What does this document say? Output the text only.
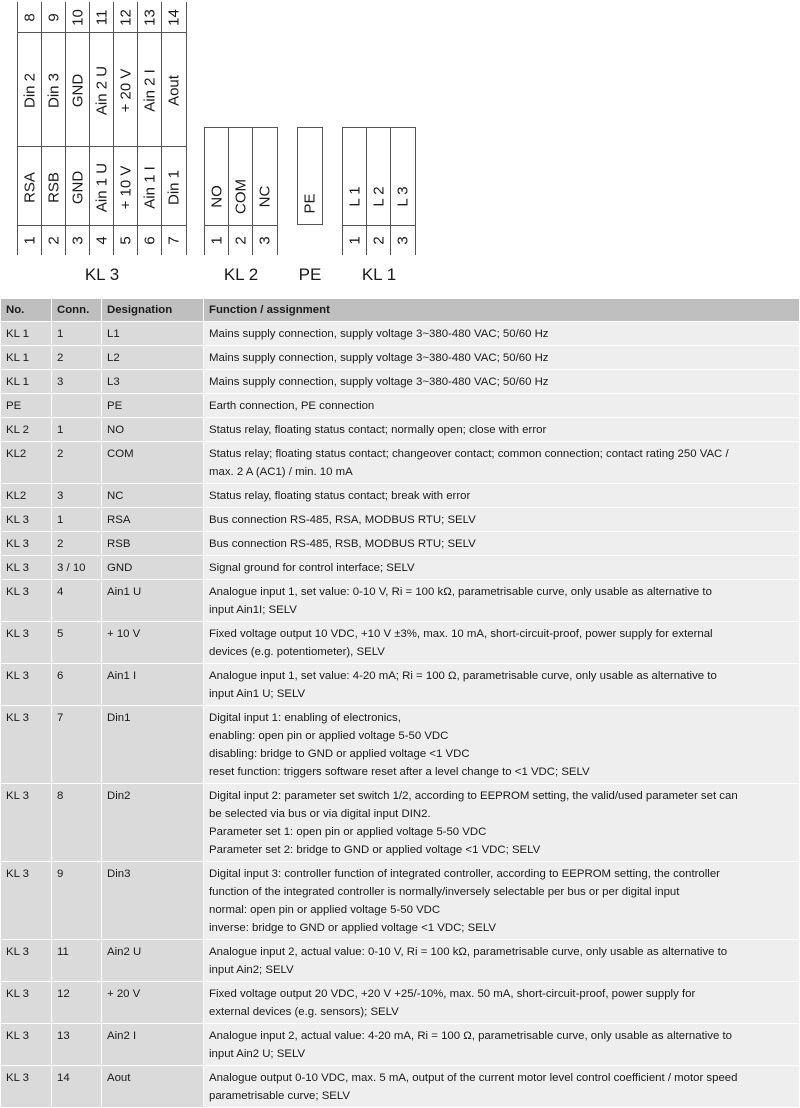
8
Din 2
9
Din 3
10
GND
11
Ain 2 U
12
+ 20 V
13
Ain 2 I
14
Aout
RSA
1
RSB
2
GND
3
Ain 1 U
4
+ 10 V
5
Ain 1 I
6
Din 1
7
NO
1
COM
2
NC
3
PE L 1
1
L 2
2
L 3
3
KL 3	KL 2 PE KL 1
No.	Conn.	Designation	Function / assignment
KL 1	1	L1	Mains supply connection, supply voltage 3~380-480 VAC; 50/60 Hz

KL 1	2	L2	Mains supply connection, supply voltage 3~380-480 VAC; 50/60 Hz

KL 1	3	L3	Mains supply connection, supply voltage 3~380-480 VAC; 50/60 Hz

PE		PE	Earth connection, PE connection

KL 2	1	NO	Status relay, floating status contact; normally open; close with error

KL2	2	COM	Status relay; floating status contact; changeover contact; common connection; contact rating 250 VAC /
max. 2 A (AC1) / min. 10 mA

KL2	3	NC	Status relay, floating status contact; break with error

KL 3	1	RSA	Bus connection RS-485, RSA, MODBUS RTU; SELV

KL 3	2	RSB	Bus connection RS-485, RSB, MODBUS RTU; SELV

KL 3	3 / 10	GND	Signal ground for control interface; SELV

KL 3	4	Ain1 U	Analogue input 1, set value: 0-10 V, Ri = 100 kΩ, parametrisable curve, only usable as alternative to
input Ain1I; SELV

KL 3	5	+ 10 V	Fixed voltage output 10 VDC, +10 V ±3%, max. 10 mA, short-circuit-proof, power supply for external
devices (e.g. potentiometer), SELV

KL 3	6	Ain1 I	Analogue input 1, set value: 4-20 mA; Ri = 100 Ω, parametrisable curve, only usable as alternative to
input Ain1 U; SELV

KL 3	7	Din1	Digital input 1: enabling of electronics,
enabling: open pin or applied voltage 5-50 VDC
disabling: bridge to GND or applied voltage <1 VDC
reset function: triggers software reset after a level change to <1 VDC; SELV

KL 3	8	Din2	Digital input 2: parameter set switch 1/2, according to EEPROM setting, the valid/used parameter set can
be selected via bus or via digital input DIN2.
Parameter set 1: open pin or applied voltage 5-50 VDC
Parameter set 2: bridge to GND or applied voltage <1 VDC; SELV

KL 3	9	Din3	Digital input 3: controller function of integrated controller, according to EEPROM setting, the controller
function of the integrated controller is normally/inversely selectable per bus or per digital input
normal: open pin or applied voltage 5-50 VDC
inverse: bridge to GND or applied voltage <1 VDC; SELV

KL 3	11	Ain2 U	Analogue input 2, actual value: 0-10 V, Ri = 100 kΩ, parametrisable curve, only usable as alternative to
input Ain2; SELV

KL 3	12	+ 20 V	Fixed voltage output 20 VDC, +20 V +25/-10%, max. 50 mA, short-circuit-proof, power supply for
external devices (e.g. sensors); SELV

KL 3	13	Ain2 I	Analogue input 2, actual value: 4-20 mA, Ri = 100 Ω, parametrisable curve, only usable as alternative to
input Ain2 U; SELV

KL 3	14	Aout	Analogue output 0-10 VDC, max. 5 mA, output of the current motor level control coefficient / motor speed
parametrisable curve; SELV
